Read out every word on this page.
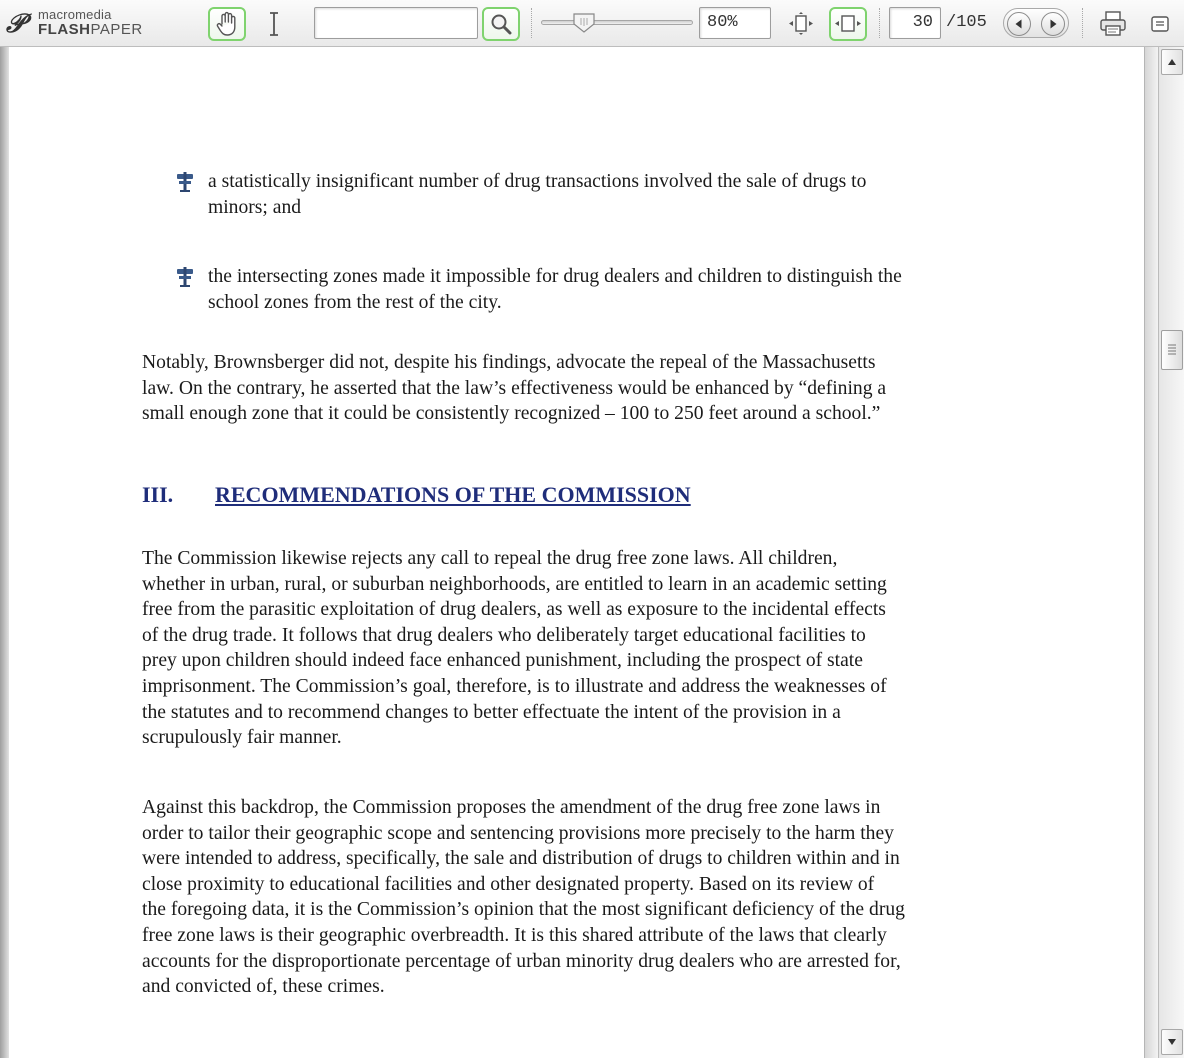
𝒫	macromedia
FLASHPAPER	80%	30 /105
a statistically insignificant number of drug transactions involved the sale of drugs to
minors; and
the intersecting zones made it impossible for drug dealers and children to distinguish the
school zones from the rest of the city.
Notably, Brownsberger did not, despite his findings, advocate the repeal of the Massachusetts
law. On the contrary, he asserted that the law’s effectiveness would be enhanced by “defining a
small enough zone that it could be consistently recognized – 100 to 250 feet around a school.”
III. RECOMMENDATIONS OF THE COMMISSION
The Commission likewise rejects any call to repeal the drug free zone laws. All children,
whether in urban, rural, or suburban neighborhoods, are entitled to learn in an academic setting
free from the parasitic exploitation of drug dealers, as well as exposure to the incidental effects
of the drug trade. It follows that drug dealers who deliberately target educational facilities to
prey upon children should indeed face enhanced punishment, including the prospect of state
imprisonment. The Commission’s goal, therefore, is to illustrate and address the weaknesses of
the statutes and to recommend changes to better effectuate the intent of the provision in a
scrupulously fair manner.
Against this backdrop, the Commission proposes the amendment of the drug free zone laws in
order to tailor their geographic scope and sentencing provisions more precisely to the harm they
were intended to address, specifically, the sale and distribution of drugs to children within and in
close proximity to educational facilities and other designated property. Based on its review of
the foregoing data, it is the Commission’s opinion that the most significant deficiency of the drug
free zone laws is their geographic overbreadth. It is this shared attribute of the laws that clearly
accounts for the disproportionate percentage of urban minority drug dealers who are arrested for,
and convicted of, these crimes.
